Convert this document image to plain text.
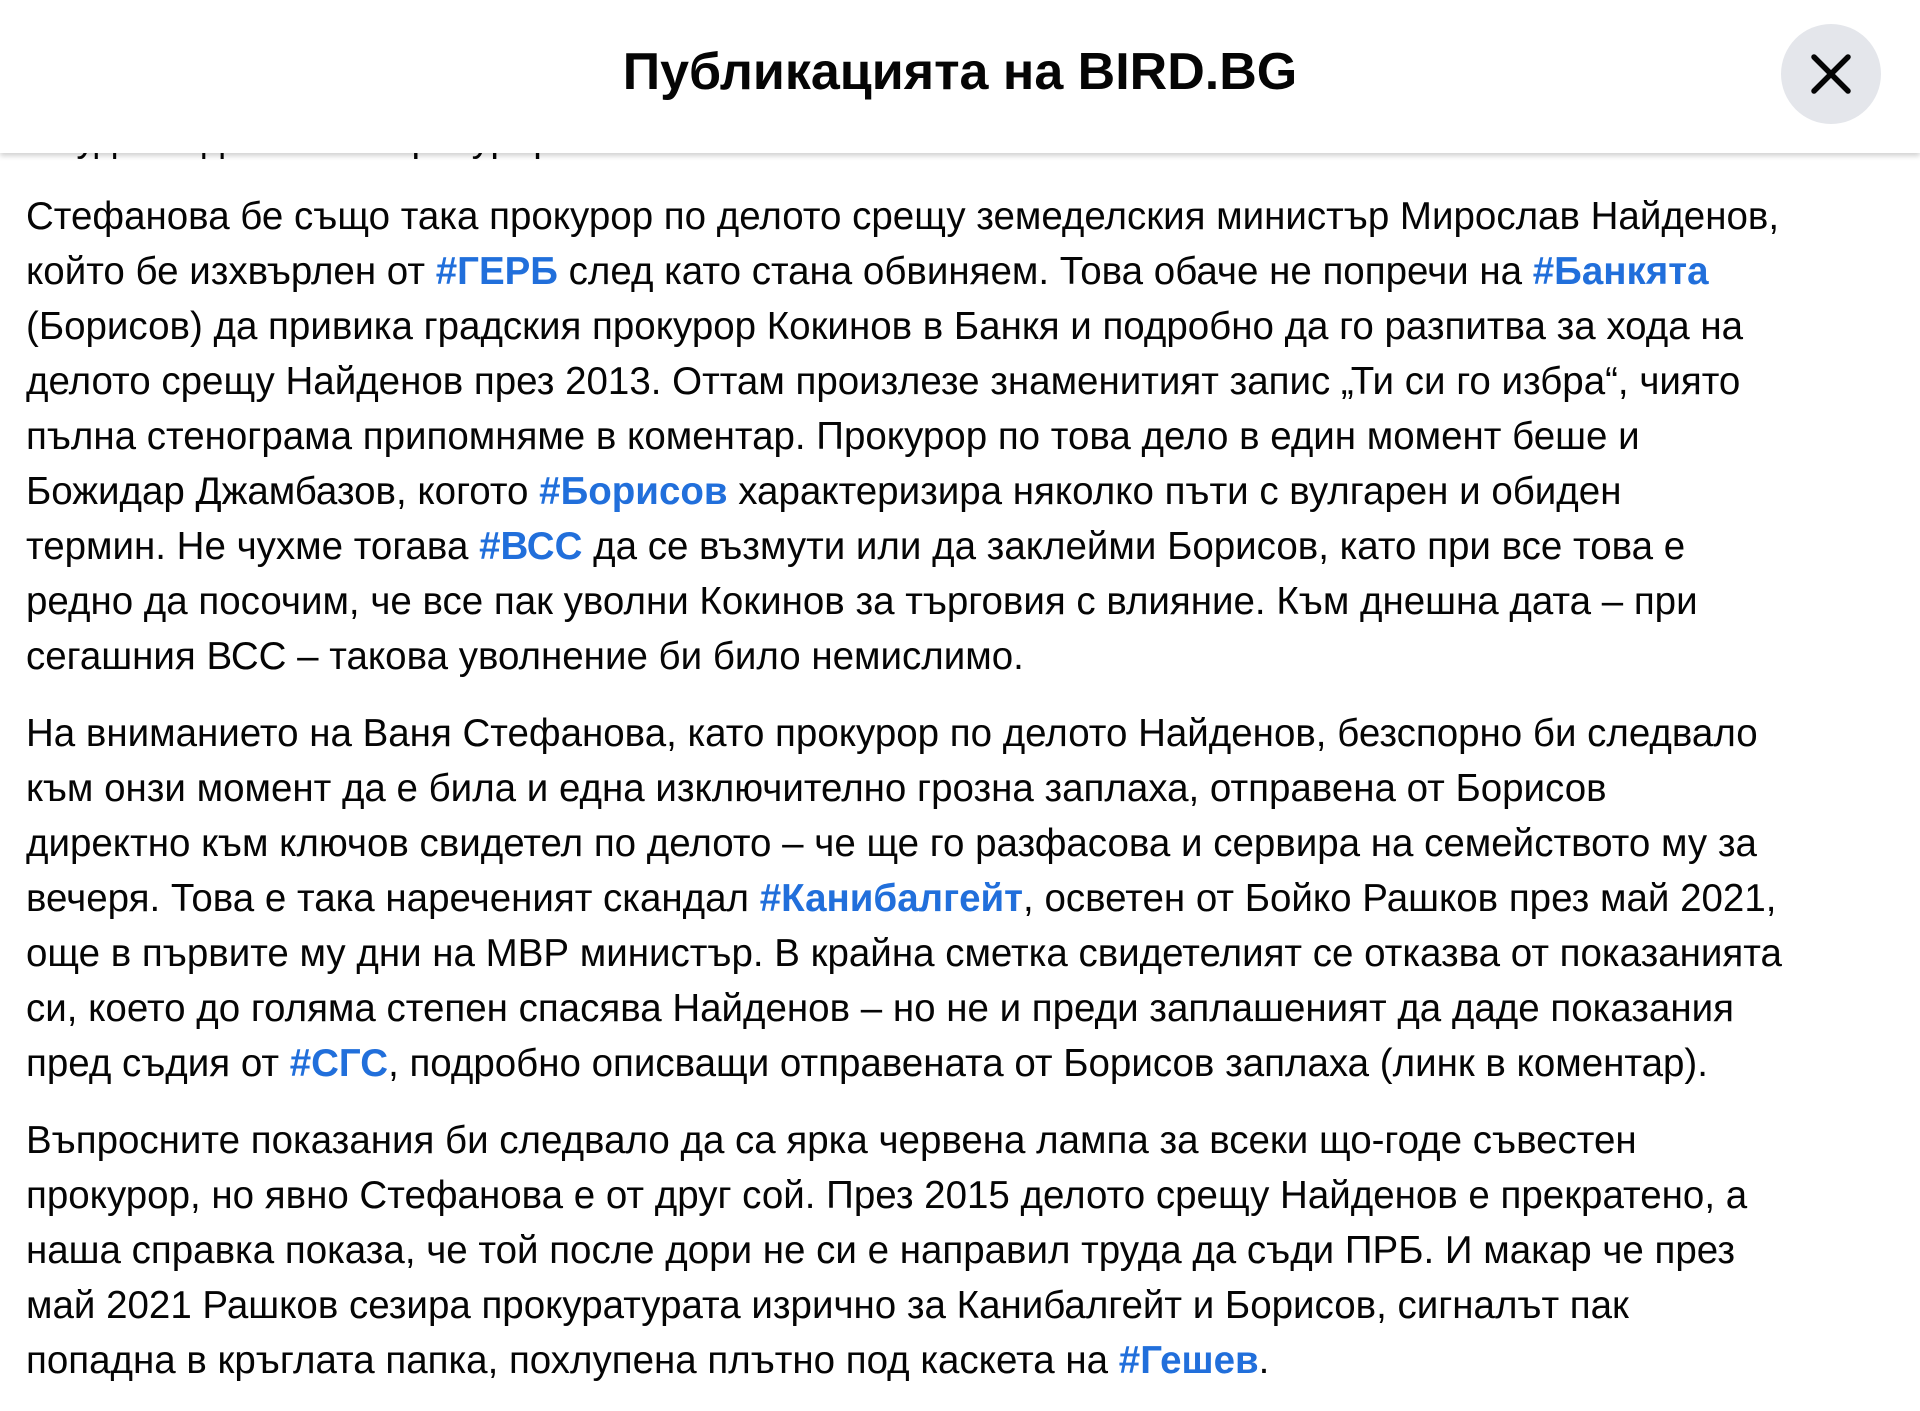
Публикацията на BIRD.BG

Стефанова бе също така прокурор по делото срещу земеделския министър Мирослав Найденов,
който бе изхвърлен от #ГЕРБ след като стана обвиняем. Това обаче не попречи на #Банкята
(Борисов) да привика градския прокурор Кокинов в Банкя и подробно да го разпитва за хода на
делото срещу Найденов през 2013. Оттам произлезе знаменитият запис „Ти си го избра“, чиято
пълна стенограма припомняме в коментар. Прокурор по това дело в един момент беше и
Божидар Джамбазов, когото #Борисов характеризира няколко пъти с вулгарен и обиден
термин. Не чухме тогава #ВСС да се възмути или да заклейми Борисов, като при все това е
редно да посочим, че все пак уволни Кокинов за търговия с влияние. Към днешна дата – при
сегашния ВСС – такова уволнение би било немислимо.

На вниманието на Ваня Стефанова, като прокурор по делото Найденов, безспорно би следвало
към онзи момент да е била и една изключително грозна заплаха, отправена от Борисов
директно към ключов свидетел по делото – че ще го разфасова и сервира на семейството му за
вечеря. Това е така нареченият скандал #Канибалгейт, осветен от Бойко Рашков през май 2021,
още в първите му дни на МВР министър. В крайна сметка свидетелият се отказва от показанията
си, което до голяма степен спасява Найденов – но не и преди заплашеният да даде показания
пред съдия от #СГС, подробно описващи отправената от Борисов заплаха (линк в коментар).

Въпросните показания би следвало да са ярка червена лампа за всеки що-годе съвестен
прокурор, но явно Стефанова е от друг сой. През 2015 делото срещу Найденов е прекратено, а
наша справка показа, че той после дори не си е направил труда да съди ПРБ. И макар че през
май 2021 Рашков сезира прокуратурата изрично за Канибалгейт и Борисов, сигналът пак
попадна в кръглата папка, похлупена плътно под каскета на #Гешев.
